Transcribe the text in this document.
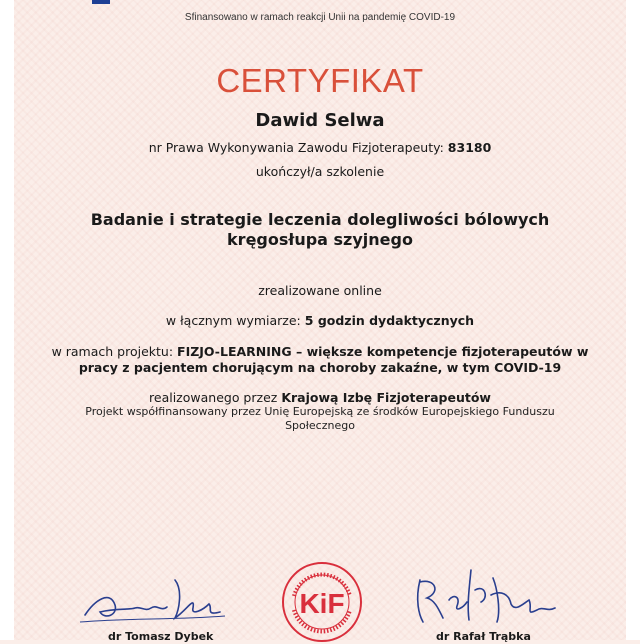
Sfinansowano w ramach reakcji Unii na pandemię COVID-19
CERTYFIKAT
Dawid Selwa
nr Prawa Wykonywania Zawodu Fizjoterapeuty: 83180
ukończył/a szkolenie
Badanie i strategie leczenia dolegliwości bólowych kręgosłupa szyjnego
zrealizowane online
w łącznym wymiarze: 5 godzin dydaktycznych
w ramach projektu: FIZJO-LEARNING – większe kompetencje fizjoterapeutów w pracy z pacjentem chorującym na choroby zakaźne, w tym COVID-19
realizowanego przez Krajową Izbę Fizjoterapeutów
Projekt współfinansowany przez Unię Europejską ze środków Europejskiego Funduszu Społecznego
KiF
dr Tomasz Dybek	dr Rafał Trąbka
